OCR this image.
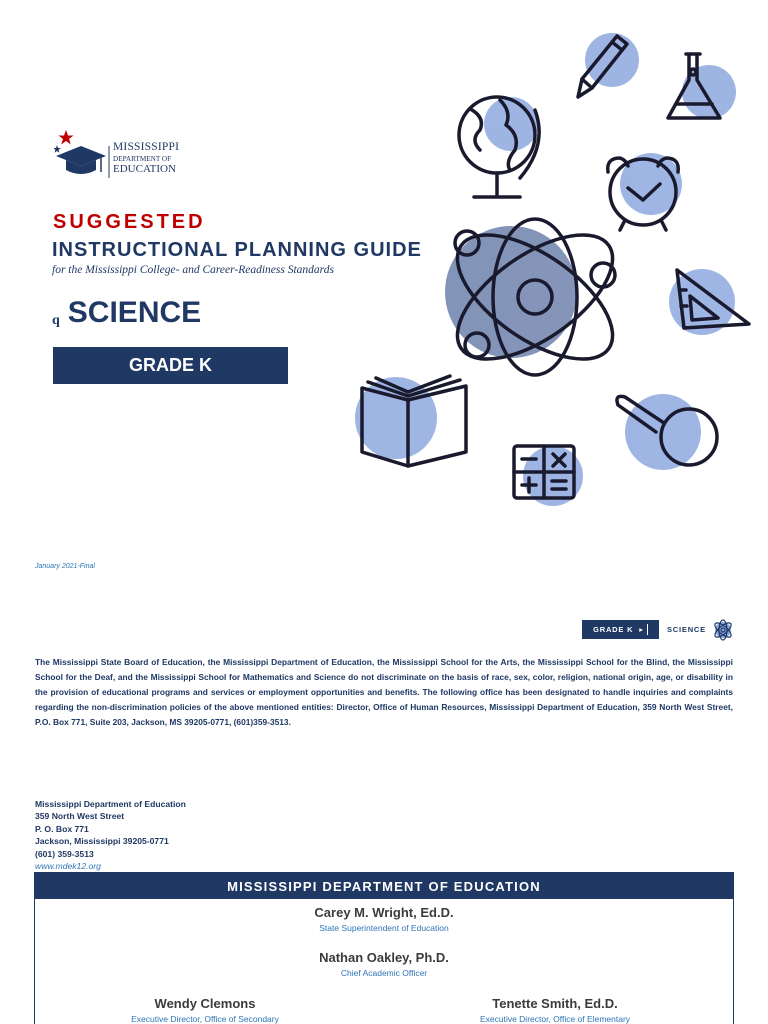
MISSISSIPPI
DEPARTMENT OF
EDUCATION
SUGGESTED
INSTRUCTIONAL PLANNING GUIDE
for the Mississippi College- and Career-Readiness Standards
q SCIENCE
GRADE K
January 2021-Final
GRADE K ▸	SCIENCE
The Mississippi State Board of Education, the Mississippi Department of Education, the Mississippi School for the Arts, the Mississippi School for the Blind, the Mississippi School for the Deaf, and the Mississippi School for Mathematics and Science do not discriminate on the basis of race, sex, color, religion, national origin, age, or disability in the provision of educational programs and services or employment opportunities and benefits. The following office has been designated to handle inquiries and complaints regarding the non-discrimination policies of the above mentioned entities: Director, Office of Human Resources, Mississippi Department of Education, 359 North West Street, P.O. Box 771, Suite 203, Jackson, MS 39205-0771, (601)359-3513.
Mississippi Department of Education
359 North West Street
P. O. Box 771
Jackson, Mississippi 39205-0771
(601) 359-3513
www.mdek12.org
MISSISSIPPI DEPARTMENT OF EDUCATION
Carey M. Wright, Ed.D.
State Superintendent of Education
Nathan Oakley, Ph.D.
Chief Academic Officer
Wendy Clemons
Executive Director, Office of Secondary
Tenette Smith, Ed.D.
Executive Director, Office of Elementary
